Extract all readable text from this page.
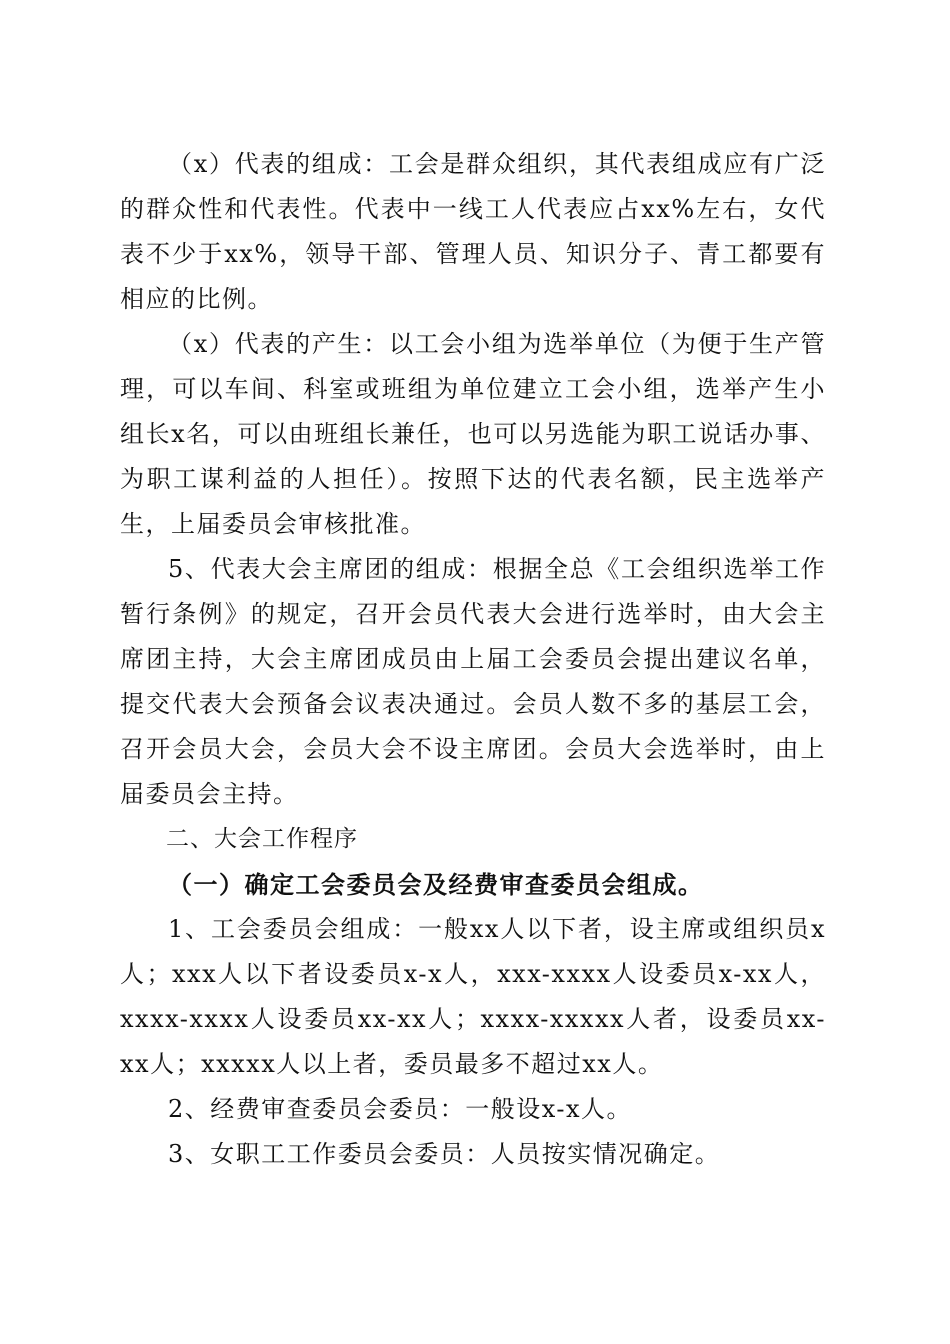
（x）代表的组成：工会是群众组织，其代表组成应有广泛的群众性和代表性。代表中一线工人代表应占xx%左右，女代表不少于xx%，领导干部、管理人员、知识分子、青工都要有相应的比例。

（x）代表的产生：以工会小组为选举单位（为便于生产管理，可以车间、科室或班组为单位建立工会小组，选举产生小组长x名，可以由班组长兼任，也可以另选能为职工说话办事、为职工谋利益的人担任）。按照下达的代表名额，民主选举产生，上届委员会审核批准。

5、代表大会主席团的组成：根据全总《工会组织选举工作暂行条例》的规定，召开会员代表大会进行选举时，由大会主席团主持，大会主席团成员由上届工会委员会提出建议名单，提交代表大会预备会议表决通过。会员人数不多的基层工会，召开会员大会，会员大会不设主席团。会员大会选举时，由上届委员会主持。

二、大会工作程序

（一）确定工会委员会及经费审查委员会组成。

1、工会委员会组成：一般xx人以下者，设主席或组织员x人；xxx人以下者设委员x-x人，xxx-xxxx人设委员x-xx人，xxxx-xxxx人设委员xx-xx人；xxxx-xxxxx人者，设委员xx-xx人；xxxxx人以上者，委员最多不超过xx人。

2、经费审查委员会委员：一般设x-x人。

3、女职工工作委员会委员：人员按实情况确定。
